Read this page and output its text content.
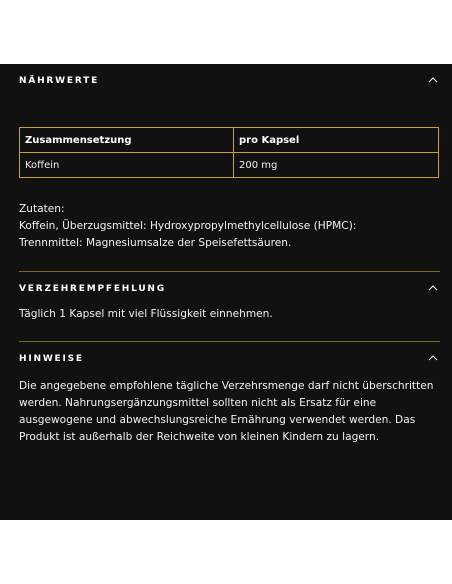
NÄHRWERTE
Zusammensetzung	pro Kapsel
Koffein	200 mg
Zutaten:
Koffein, Überzugsmittel: Hydroxypropylmethylcellulose (HPMC):
Trennmittel: Magnesiumsalze der Speisefettsäuren.
VERZEHREMPFEHLUNG
Täglich 1 Kapsel mit viel Flüssigkeit einnehmen.
HINWEISE
Die angegebene empfohlene tägliche Verzehrsmenge darf nicht überschritten werden. Nahrungsergänzungsmittel sollten nicht als Ersatz für eine ausgewogene und abwechslungsreiche Ernährung verwendet werden. Das Produkt ist außerhalb der Reichweite von kleinen Kindern zu lagern.
